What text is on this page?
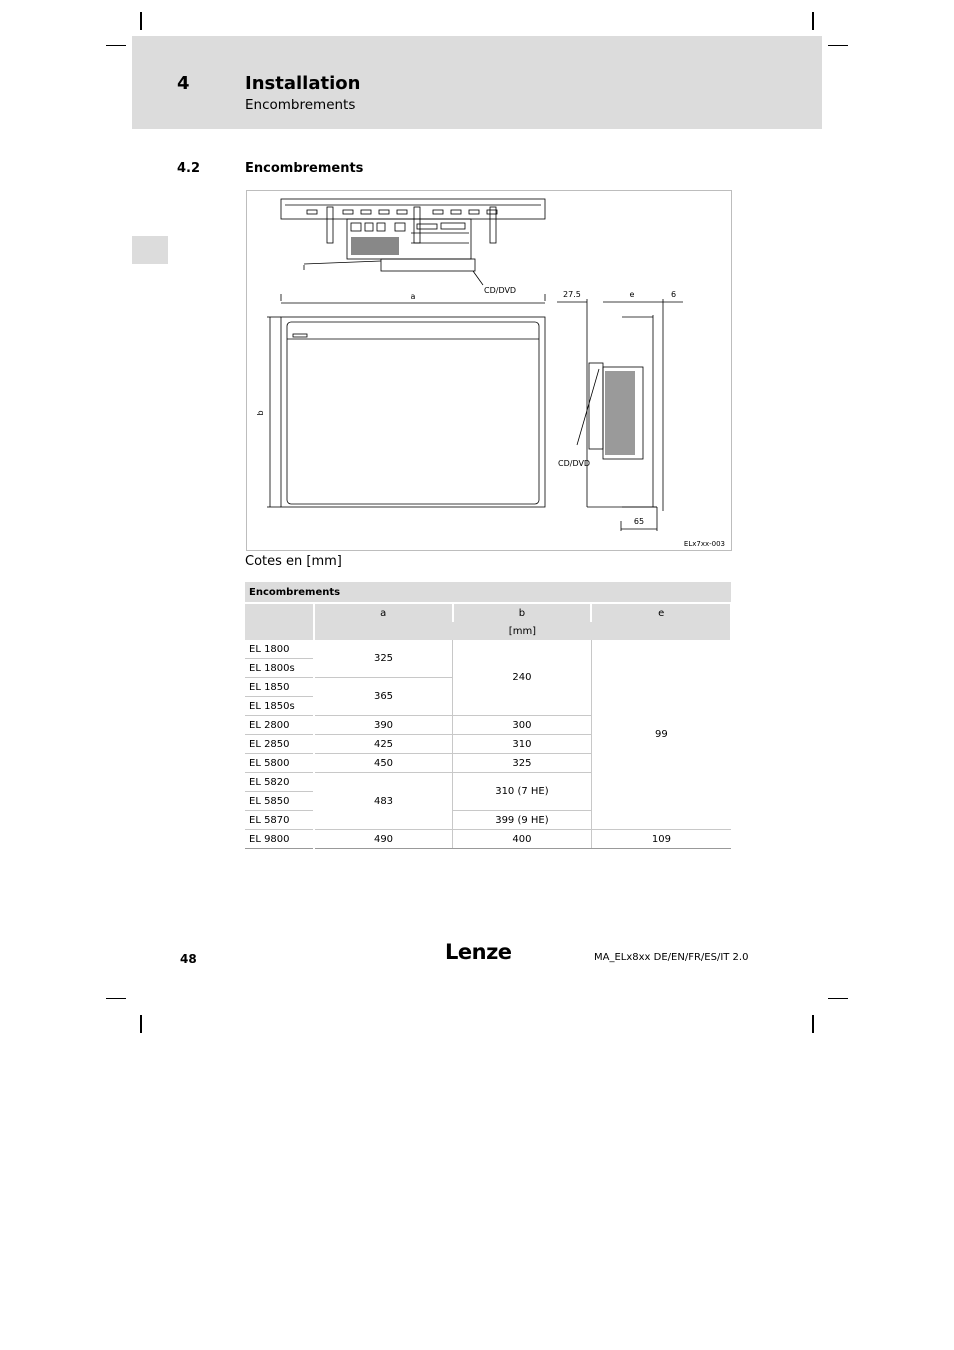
4	Installation
Encombrements
4.2	Encombrements
CD/DVD
a
b
27.5	e	6
CD/DVD
65
ELx7xx-003
Cotes en [mm]
Encombrements			
	a	b	e
	[mm]		
EL 1800	325	240	99
EL 1800s			
EL 1850	365		
EL 1850s			
EL 2800	390	300	
EL 2850	425	310	
EL 5800	450	325	
EL 5820	483	310 (7 HE)	
EL 5850			
EL 5870		399 (9 HE)	
EL 9800	490	400	109
48	Lenze	MA_ELx8xx DE/EN/FR/ES/IT 2.0
